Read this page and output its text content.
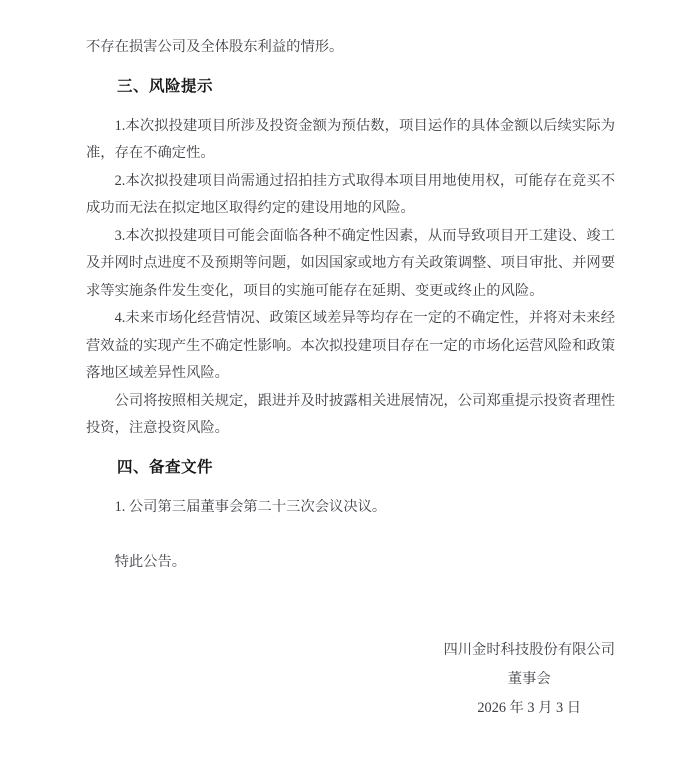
不存在损害公司及全体股东利益的情形。

三、风险提示

1.本次拟投建项目所涉及投资金额为预估数，项目运作的具体金额以后续实际为准，存在不确定性。

2.本次拟投建项目尚需通过招拍挂方式取得本项目用地使用权，可能存在竞买不成功而无法在拟定地区取得约定的建设用地的风险。

3.本次拟投建项目可能会面临各种不确定性因素，从而导致项目开工建设、竣工及并网时点进度不及预期等问题，如因国家或地方有关政策调整、项目审批、并网要求等实施条件发生变化，项目的实施可能存在延期、变更或终止的风险。

4.未来市场化经营情况、政策区域差异等均存在一定的不确定性，并将对未来经营效益的实现产生不确定性影响。本次拟投建项目存在一定的市场化运营风险和政策落地区域差异性风险。

公司将按照相关规定，跟进并及时披露相关进展情况，公司郑重提示投资者理性投资，注意投资风险。

四、备查文件

1. 公司第三届董事会第二十三次会议决议。

特此公告。

四川金时科技股份有限公司
董事会
2026 年 3 月 3 日
